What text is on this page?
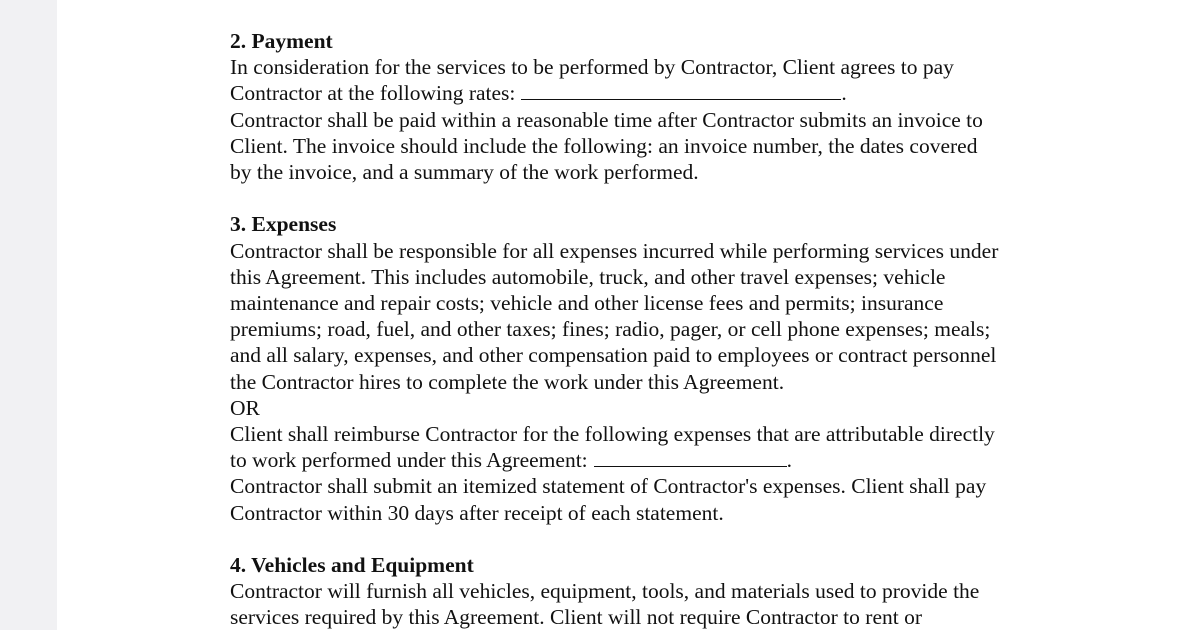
2. Payment
In consideration for the services to be performed by Contractor, Client agrees to pay
Contractor at the following rates:	.
Contractor shall be paid within a reasonable time after Contractor submits an invoice to
Client. The invoice should include the following: an invoice number, the dates covered
by the invoice, and a summary of the work performed.
3. Expenses
Contractor shall be responsible for all expenses incurred while performing services under
this Agreement. This includes automobile, truck, and other travel expenses; vehicle
maintenance and repair costs; vehicle and other license fees and permits; insurance
premiums; road, fuel, and other taxes; fines; radio, pager, or cell phone expenses; meals;
and all salary, expenses, and other compensation paid to employees or contract personnel
the Contractor hires to complete the work under this Agreement.
OR
Client shall reimburse Contractor for the following expenses that are attributable directly
to work performed under this Agreement:	.
Contractor shall submit an itemized statement of Contractor's expenses. Client shall pay
Contractor within 30 days after receipt of each statement.
4. Vehicles and Equipment
Contractor will furnish all vehicles, equipment, tools, and materials used to provide the
services required by this Agreement. Client will not require Contractor to rent or
